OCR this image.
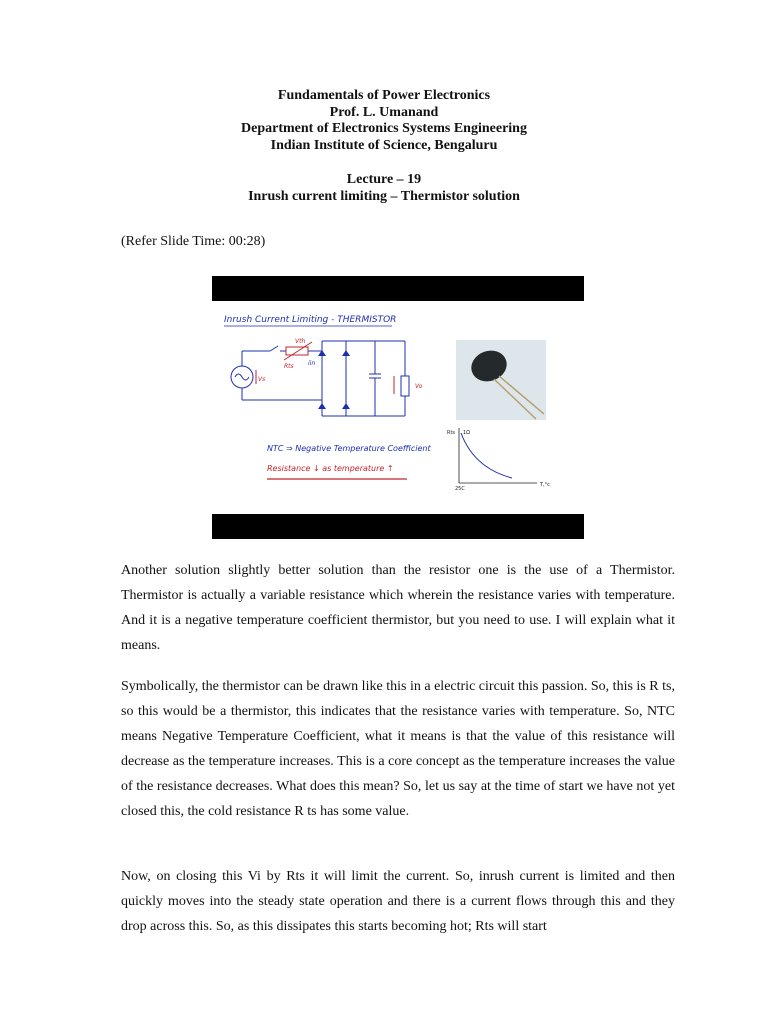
Fundamentals of Power Electronics
Prof. L. Umanand
Department of Electronics Systems Engineering
Indian Institute of Science, Bengaluru
Lecture – 19
Inrush current limiting – Thermistor solution
(Refer Slide Time: 00:28)
Inrush Current Limiting - THERMISTOR
Vth
Rts iin
Vs
Vo
NTC ⇒ Negative Temperature Coefficient
Resistance ↓ as temperature ↑
Rts 1Ω
25C
T,°c

Another solution slightly better solution than the resistor one is the use of a Thermistor. Thermistor is actually a variable resistance which wherein the resistance varies with temperature. And it is a negative temperature coefficient thermistor, but you need to use. I will explain what it means.

Symbolically, the thermistor can be drawn like this in a electric circuit this passion. So, this is R ts, so this would be a thermistor, this indicates that the resistance varies with temperature. So, NTC means Negative Temperature Coefficient, what it means is that the value of this resistance will decrease as the temperature increases. This is a core concept as the temperature increases the value of the resistance decreases. What does this mean? So, let us say at the time of start we have not yet closed this, the cold resistance R ts has some value.

Now, on closing this Vi by Rts it will limit the current. So, inrush current is limited and then quickly moves into the steady state operation and there is a current flows through this and they drop across this. So, as this dissipates this starts becoming hot; Rts will start
